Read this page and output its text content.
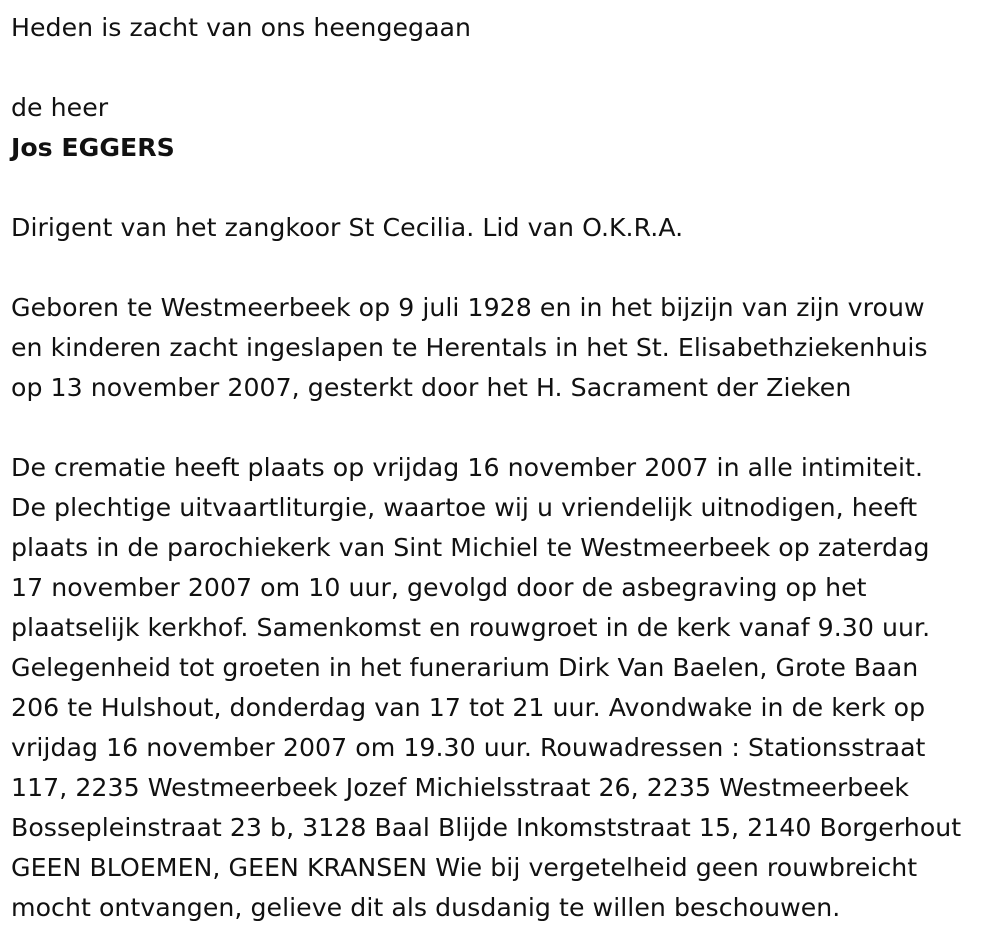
Heden is zacht van ons heengegaan
de heer
Jos EGGERS
Dirigent van het zangkoor St Cecilia. Lid van O.K.R.A.
Geboren te Westmeerbeek op 9 juli 1928 en in het bijzijn van zijn vrouw
en kinderen zacht ingeslapen te Herentals in het St. Elisabethziekenhuis
op 13 november 2007, gesterkt door het H. Sacrament der Zieken
De crematie heeft plaats op vrijdag 16 november 2007 in alle intimiteit.
De plechtige uitvaartliturgie, waartoe wij u vriendelijk uitnodigen, heeft
plaats in de parochiekerk van Sint Michiel te Westmeerbeek op zaterdag
17 november 2007 om 10 uur, gevolgd door de asbegraving op het
plaatselijk kerkhof. Samenkomst en rouwgroet in de kerk vanaf 9.30 uur.
Gelegenheid tot groeten in het funerarium Dirk Van Baelen, Grote Baan
206 te Hulshout, donderdag van 17 tot 21 uur. Avondwake in de kerk op
vrijdag 16 november 2007 om 19.30 uur. Rouwadressen : Stationsstraat
117, 2235 Westmeerbeek Jozef Michielsstraat 26, 2235 Westmeerbeek
Bossepleinstraat 23 b, 3128 Baal Blijde Inkomststraat 15, 2140 Borgerhout
GEEN BLOEMEN, GEEN KRANSEN Wie bij vergetelheid geen rouwbreicht
mocht ontvangen, gelieve dit als dusdanig te willen beschouwen.
